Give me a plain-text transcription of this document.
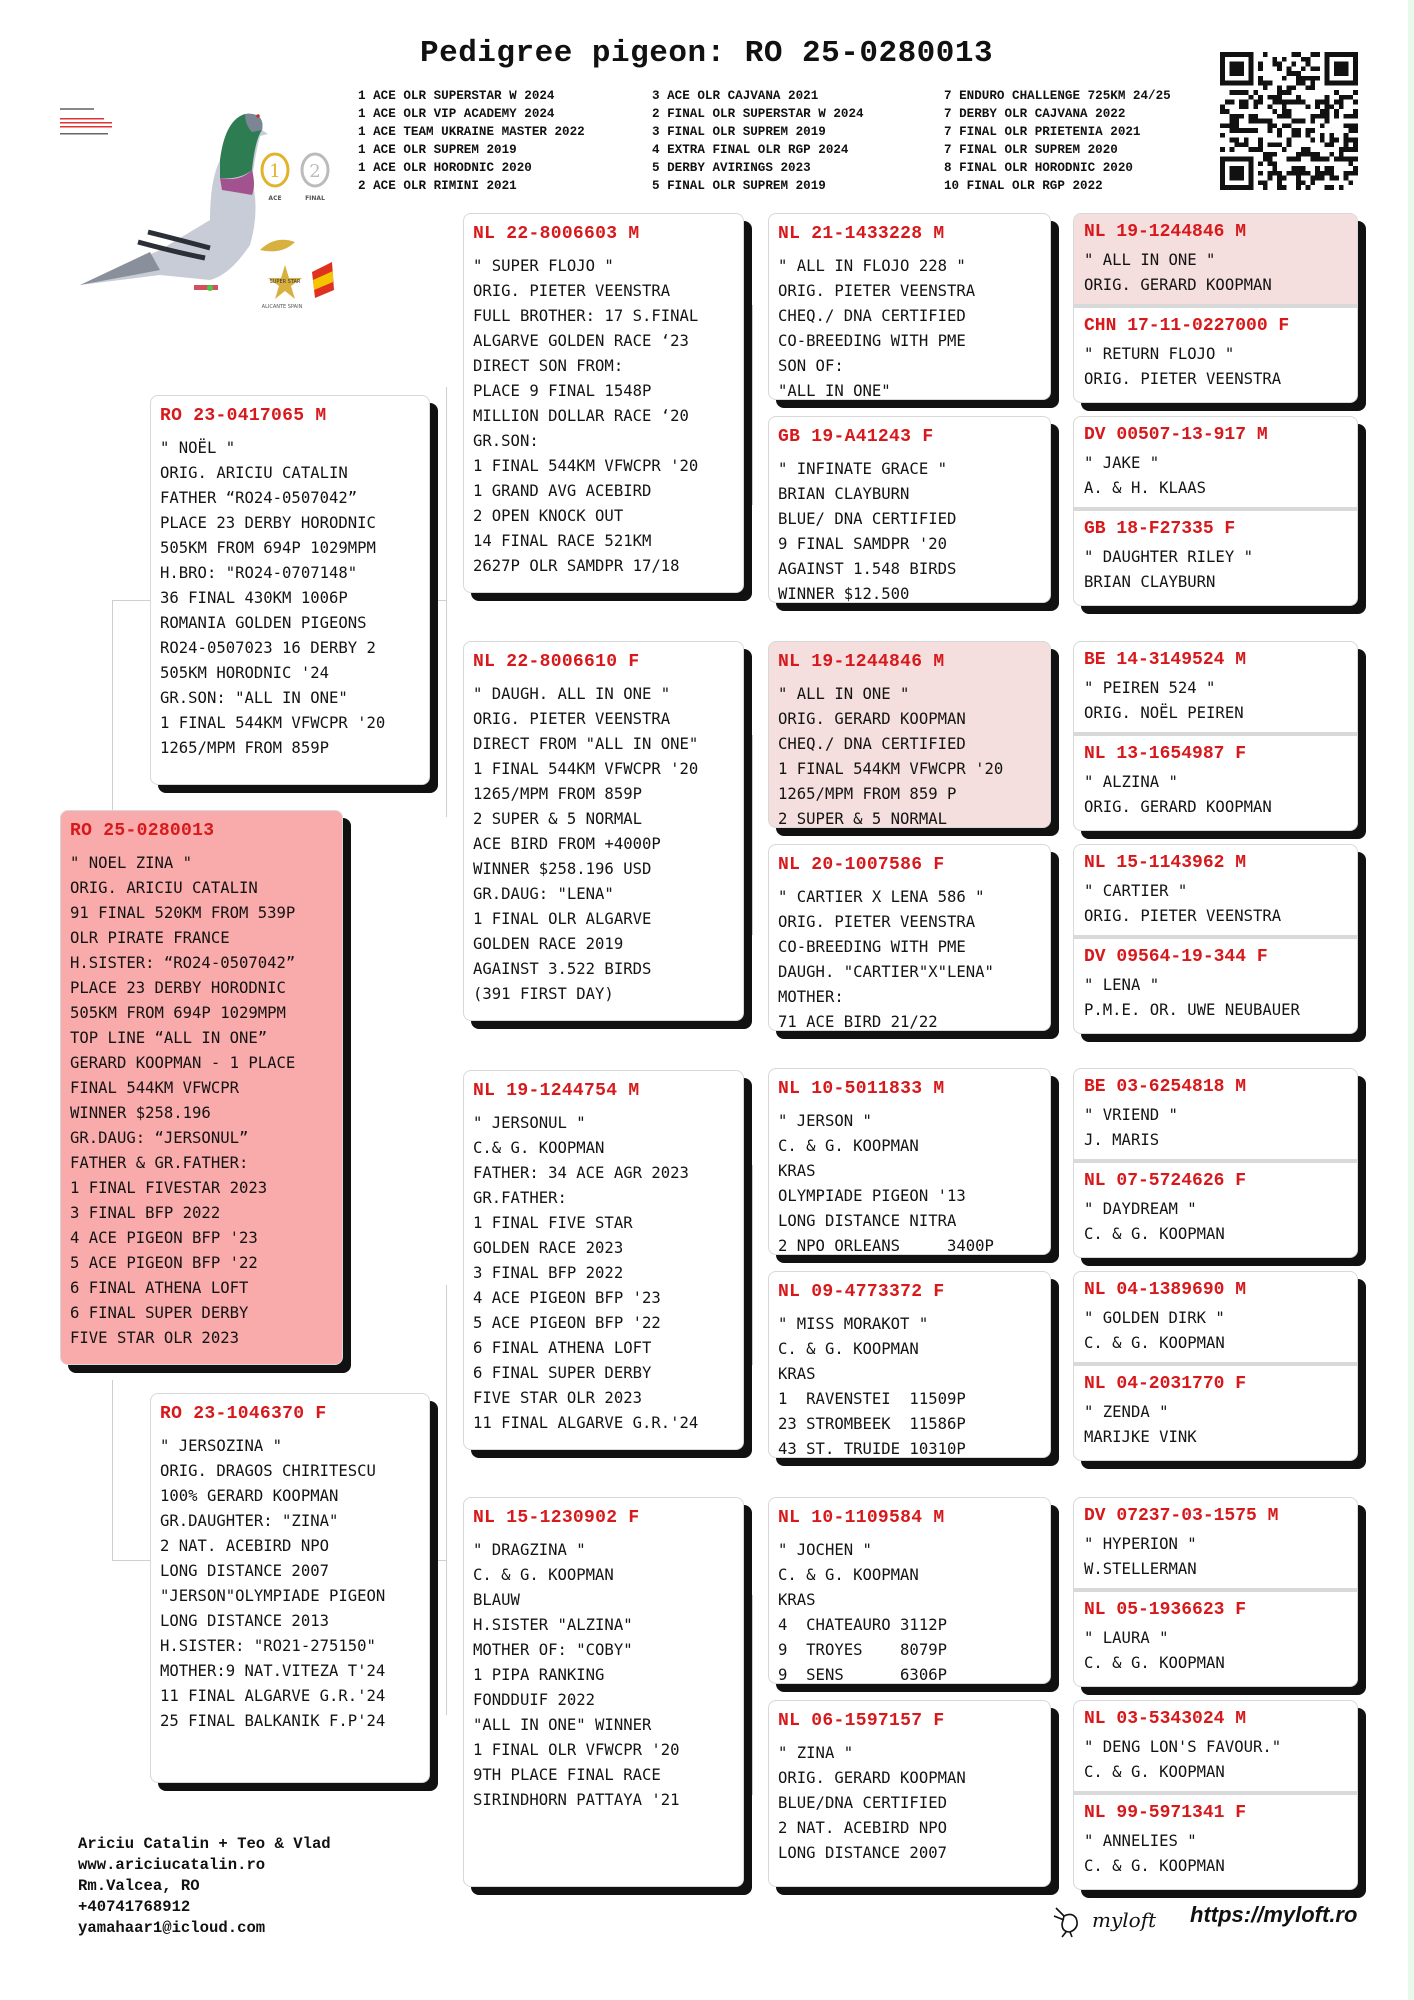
Pedigree pigeon: RO 25-0280013
1 ACE OLR SUPERSTAR W 2024
1 ACE OLR VIP ACADEMY 2024
1 ACE TEAM UKRAINE MASTER 2022
1 ACE OLR SUPREM 2019
1 ACE OLR HORODNIC 2020
2 ACE OLR RIMINI 2021
3 ACE OLR CAJVANA 2021
2 FINAL OLR SUPERSTAR W 2024
3 FINAL OLR SUPREM 2019
4 EXTRA FINAL OLR RGP 2024
5 DERBY AVIRINGS 2023
5 FINAL OLR SUPREM 2019
7 ENDURO CHALLENGE 725KM 24/25
7 DERBY OLR CAJVANA 2022
7 FINAL OLR PRIETENIA 2021
7 FINAL OLR SUPREM 2020
8 FINAL OLR HORODNIC 2020
10 FINAL OLR RGP 2022
1
ACE
2
FINAL
SUPER STAR
ALICANTE SPAIN
RO 25-0280013
" NOEL ZINA "
ORIG. ARICIU CATALIN
91 FINAL 520KM FROM 539P
OLR PIRATE FRANCE
H.SISTER: “RO24-0507042”
PLACE 23 DERBY HORODNIC
505KM FROM 694P 1029MPM
TOP LINE “ALL IN ONE”
GERARD KOOPMAN - 1 PLACE
FINAL 544KM VFWCPR
WINNER $258.196
GR.DAUG: “JERSONUL”
FATHER & GR.FATHER:
1 FINAL FIVESTAR 2023
3 FINAL BFP 2022
4 ACE PIGEON BFP '23
5 ACE PIGEON BFP '22
6 FINAL ATHENA LOFT
6 FINAL SUPER DERBY
FIVE STAR OLR 2023
RO 23-0417065 M
" NOËL "
ORIG. ARICIU CATALIN
FATHER “RO24-0507042”
PLACE 23 DERBY HORODNIC
505KM FROM 694P 1029MPM
H.BRO: "RO24-0707148"
36 FINAL 430KM 1006P
ROMANIA GOLDEN PIGEONS
RO24-0507023 16 DERBY 2
505KM HORODNIC '24
GR.SON: "ALL IN ONE"
1 FINAL 544KM VFWCPR '20
1265/MPM FROM 859P
RO 23-1046370 F
" JERSOZINA "
ORIG. DRAGOS CHIRITESCU
100% GERARD KOOPMAN
GR.DAUGHTER: "ZINA"
2 NAT. ACEBIRD NPO
LONG DISTANCE 2007
"JERSON"OLYMPIADE PIGEON
LONG DISTANCE 2013
H.SISTER: "RO21-275150"
MOTHER:9 NAT.VITEZA T'24
11 FINAL ALGARVE G.R.'24
25 FINAL BALKANIK F.P'24
NL 22-8006603 M
" SUPER FLOJO "
ORIG. PIETER VEENSTRA
FULL BROTHER: 17 S.FINAL
ALGARVE GOLDEN RACE ‘23
DIRECT SON FROM:
PLACE 9 FINAL 1548P
MILLION DOLLAR RACE ‘20
GR.SON:
1 FINAL 544KM VFWCPR '20
1 GRAND AVG ACEBIRD
2 OPEN KNOCK OUT
14 FINAL RACE 521KM
2627P OLR SAMDPR 17/18
NL 22-8006610 F
" DAUGH. ALL IN ONE "
ORIG. PIETER VEENSTRA
DIRECT FROM "ALL IN ONE"
1 FINAL 544KM VFWCPR '20
1265/MPM FROM 859P
2 SUPER & 5 NORMAL
ACE BIRD FROM +4000P
WINNER $258.196 USD
GR.DAUG: "LENA"
1 FINAL OLR ALGARVE
GOLDEN RACE 2019
AGAINST 3.522 BIRDS
(391 FIRST DAY)
NL 19-1244754 M
" JERSONUL "
C.& G. KOOPMAN
FATHER: 34 ACE AGR 2023
GR.FATHER:
1 FINAL FIVE STAR
GOLDEN RACE 2023
3 FINAL BFP 2022
4 ACE PIGEON BFP '23
5 ACE PIGEON BFP '22
6 FINAL ATHENA LOFT
6 FINAL SUPER DERBY
FIVE STAR OLR 2023
11 FINAL ALGARVE G.R.'24
NL 15-1230902 F
" DRAGZINA "
C. & G. KOOPMAN
BLAUW
H.SISTER "ALZINA"
MOTHER OF: "COBY"
1 PIPA RANKING
FONDDUIF 2022
"ALL IN ONE" WINNER
1 FINAL OLR VFWCPR '20
9TH PLACE FINAL RACE
SIRINDHORN PATTAYA '21
NL 21-1433228 M
" ALL IN FLOJO 228 "
ORIG. PIETER VEENSTRA
CHEQ./ DNA CERTIFIED
CO-BREEDING WITH PME
SON OF:
"ALL IN ONE"
GB 19-A41243 F
" INFINATE GRACE "
BRIAN CLAYBURN
BLUE/ DNA CERTIFIED
9 FINAL SAMDPR '20
AGAINST 1.548 BIRDS
WINNER $12.500
NL 19-1244846 M
" ALL IN ONE "
ORIG. GERARD KOOPMAN
CHEQ./ DNA CERTIFIED
1 FINAL 544KM VFWCPR '20
1265/MPM FROM 859 P
2 SUPER & 5 NORMAL
NL 20-1007586 F
" CARTIER X LENA 586 "
ORIG. PIETER VEENSTRA
CO-BREEDING WITH PME
DAUGH. "CARTIER"X"LENA"
MOTHER:
71 ACE BIRD 21/22
NL 10-5011833 M
" JERSON "
C. & G. KOOPMAN
KRAS
OLYMPIADE PIGEON '13
LONG DISTANCE NITRA
2 NPO ORLEANS     3400P
NL 09-4773372 F
" MISS MORAKOT "
C. & G. KOOPMAN
KRAS
1  RAVENSTEI  11509P
23 STROMBEEK  11586P
43 ST. TRUIDE 10310P
NL 10-1109584 M
" JOCHEN "
C. & G. KOOPMAN
KRAS
4  CHATEAURO 3112P
9  TROYES    8079P
9  SENS      6306P
NL 06-1597157 F
" ZINA "
ORIG. GERARD KOOPMAN
BLUE/DNA CERTIFIED
2 NAT. ACEBIRD NPO
LONG DISTANCE 2007
NL 19-1244846 M
" ALL IN ONE "
ORIG. GERARD KOOPMAN
CHN 17-11-0227000 F
" RETURN FLOJO "
ORIG. PIETER VEENSTRA
DV 00507-13-917 M
" JAKE "
A. & H. KLAAS
GB 18-F27335 F
" DAUGHTER RILEY "
BRIAN CLAYBURN
BE 14-3149524 M
" PEIREN 524 "
ORIG. NOËL PEIREN
NL 13-1654987 F
" ALZINA "
ORIG. GERARD KOOPMAN
NL 15-1143962 M
" CARTIER "
ORIG. PIETER VEENSTRA
DV 09564-19-344 F
" LENA "
P.M.E. OR. UWE NEUBAUER
BE 03-6254818 M
" VRIEND "
J. MARIS
NL 07-5724626 F
" DAYDREAM "
C. & G. KOOPMAN
NL 04-1389690 M
" GOLDEN DIRK "
C. & G. KOOPMAN
NL 04-2031770 F
" ZENDA "
MARIJKE VINK
DV 07237-03-1575 M
" HYPERION "
W.STELLERMAN
NL 05-1936623 F
" LAURA "
C. & G. KOOPMAN
NL 03-5343024 M
" DENG LON'S FAVOUR."
C. & G. KOOPMAN
NL 99-5971341 F
" ANNELIES "
C. & G. KOOPMAN
Ariciu Catalin + Teo & Vlad
www.ariciucatalin.ro
Rm.Valcea, RO
+40741768912
yamahaar1@icloud.com	myloft https://myloft.ro
